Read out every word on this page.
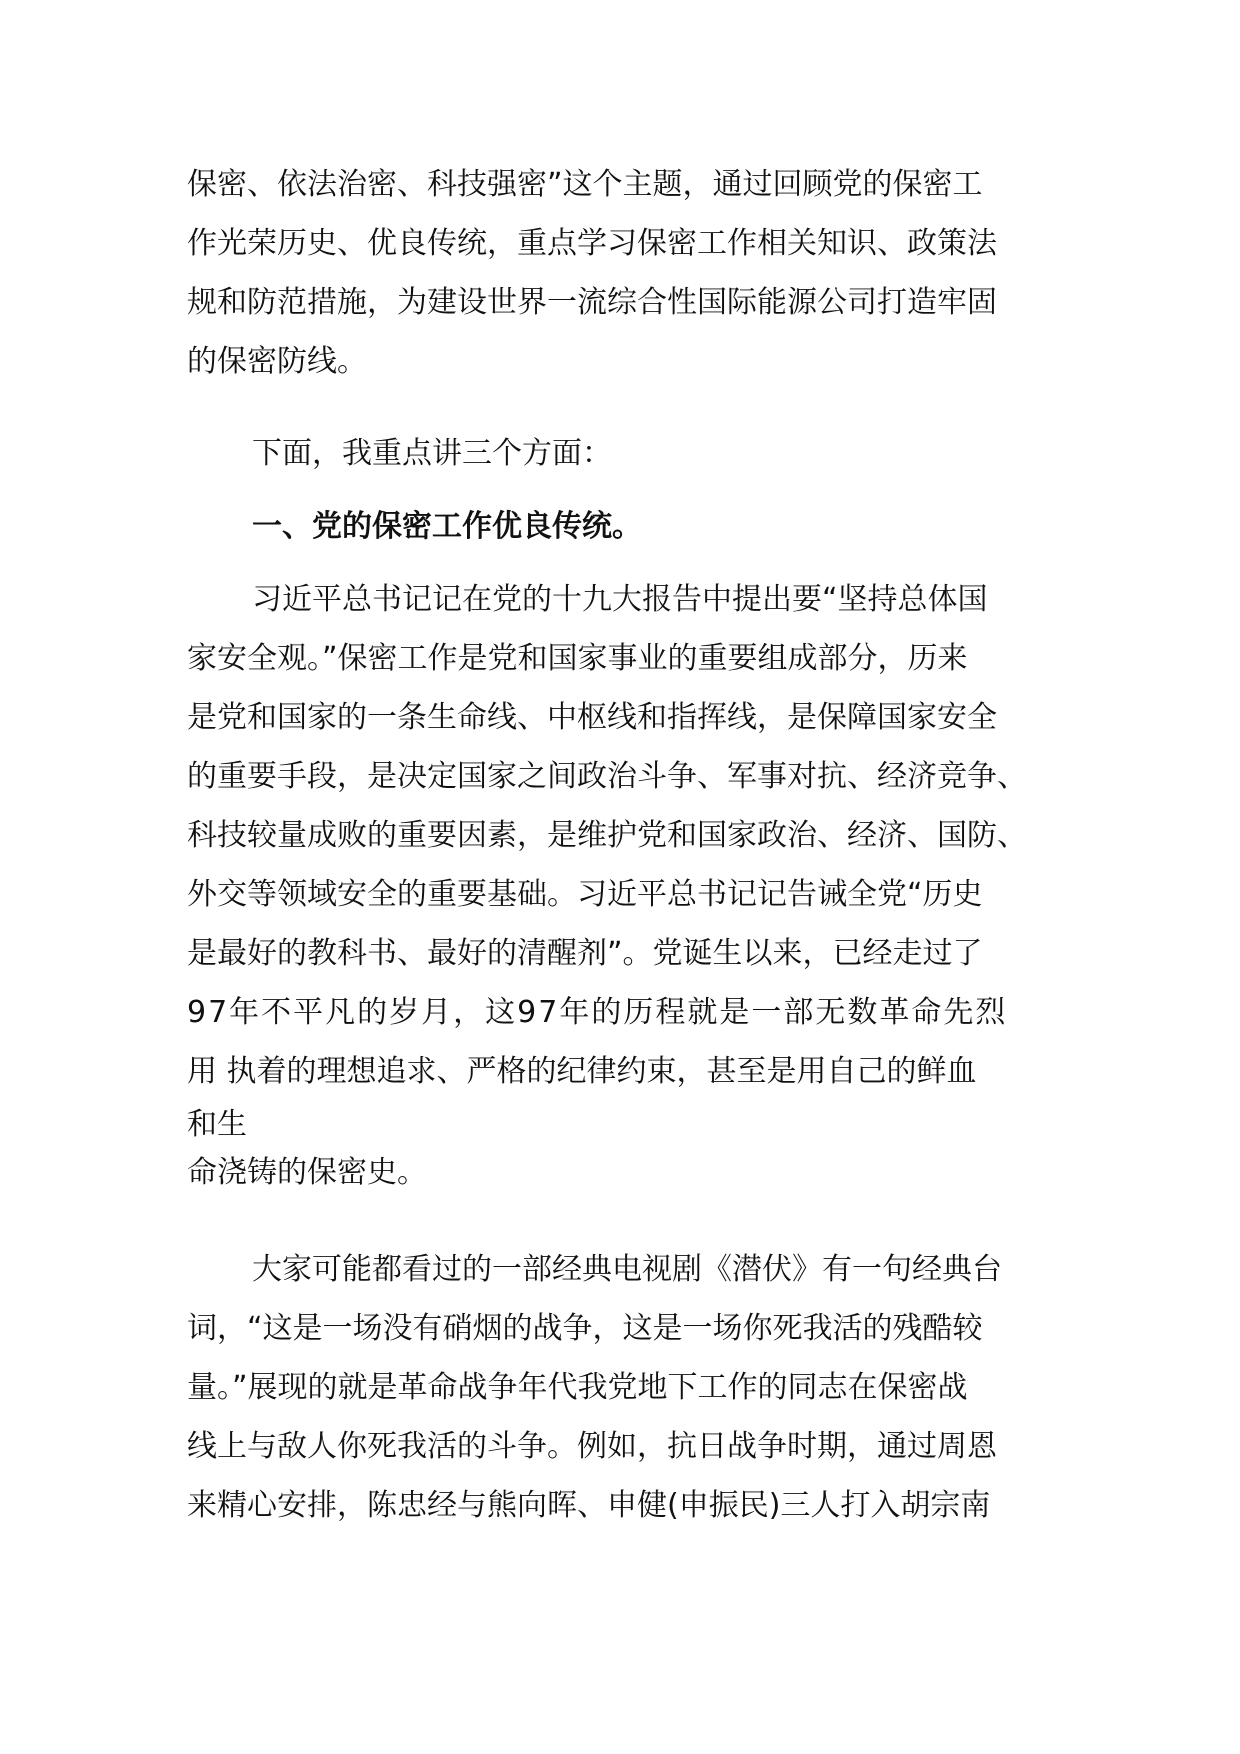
保密、依法治密、科技强密”这个主题，通过回顾党的保密工
作光荣历史、优良传统，重点学习保密工作相关知识、政策法
规和防范措施，为建设世界一流综合性国际能源公司打造牢固
的保密防线。
下面，我重点讲三个方面：
一、党的保密工作优良传统。
习近平总书记记在党的十九大报告中提出要“坚持总体国
家安全观。”保密工作是党和国家事业的重要组成部分，历来
是党和国家的一条生命线、中枢线和指挥线，是保障国家安全
的重要手段，是决定国家之间政治斗争、军事对抗、经济竞争、
科技较量成败的重要因素，是维护党和国家政治、经济、国防、
外交等领域安全的重要基础。习近平总书记记告诫全党“历史
是最好的教科书、最好的清醒剂”。党诞生以来，已经走过了
97年不平凡的岁月，这97年的历程就是一部无数革命先烈
用 执着的理想追求、严格的纪律约束，甚至是用自己的鲜血
和生
命浇铸的保密史。
大家可能都看过的一部经典电视剧《潜伏》有一句经典台
词，“这是一场没有硝烟的战争，这是一场你死我活的残酷较
量。”展现的就是革命战争年代我党地下工作的同志在保密战
线上与敌人你死我活的斗争。例如，抗日战争时期，通过周恩
来精心安排，陈忠经与熊向晖、申健(申振民)三人打入胡宗南
